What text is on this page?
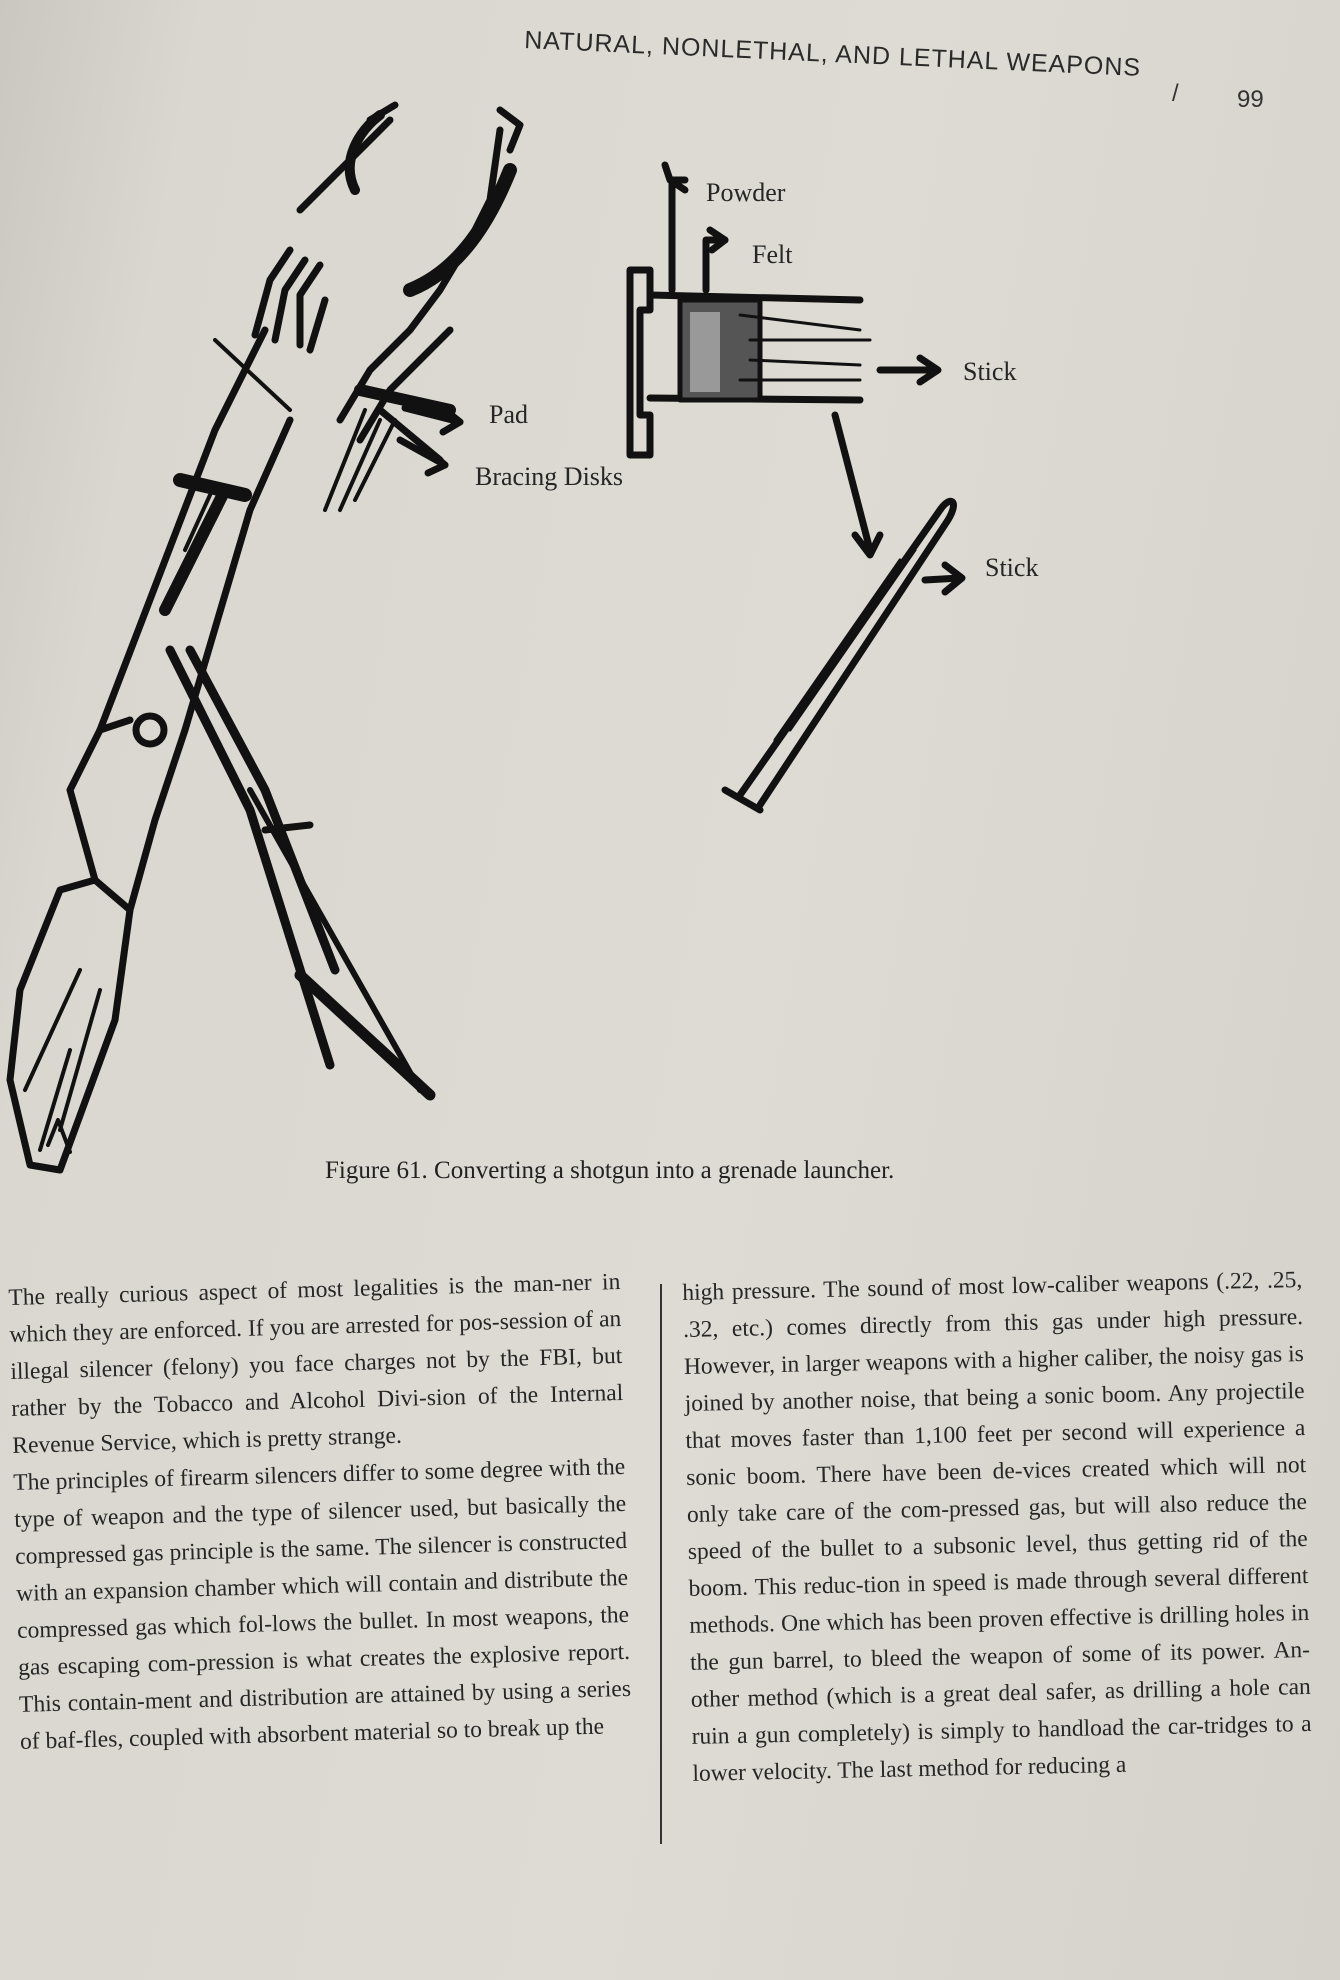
NATURAL, NONLETHAL, AND LETHAL WEAPONS
/ 99
Powder
Felt
Stick
Pad
Bracing Disks
Stick
Figure 61. Converting a shotgun into a grenade launcher.

The really curious aspect of most legalities is the man-ner in which they are enforced. If you are arrested for pos-session of an illegal silencer (felony) you face charges not by the FBI, but rather by the Tobacco and Alcohol Divi-sion of the Internal Revenue Service, which is pretty strange.

The principles of firearm silencers differ to some degree with the type of weapon and the type of silencer used, but basically the compressed gas principle is the same. The silencer is constructed with an expansion chamber which will contain and distribute the compressed gas which fol-lows the bullet. In most weapons, the gas escaping com-pression is what creates the explosive report. This contain-ment and distribution are attained by using a series of baf-fles, coupled with absorbent material so to break up the

high pressure. The sound of most low-caliber weapons (.22, .25, .32, etc.) comes directly from this gas under high pressure. However, in larger weapons with a higher caliber, the noisy gas is joined by another noise, that being a sonic boom. Any projectile that moves faster than 1,100 feet per second will experience a sonic boom. There have been de-vices created which will not only take care of the com-pressed gas, but will also reduce the speed of the bullet to a subsonic level, thus getting rid of the boom. This reduc-tion in speed is made through several different methods. One which has been proven effective is drilling holes in the gun barrel, to bleed the weapon of some of its power. An-other method (which is a great deal safer, as drilling a hole can ruin a gun completely) is simply to handload the car-tridges to a lower velocity. The last method for reducing a
